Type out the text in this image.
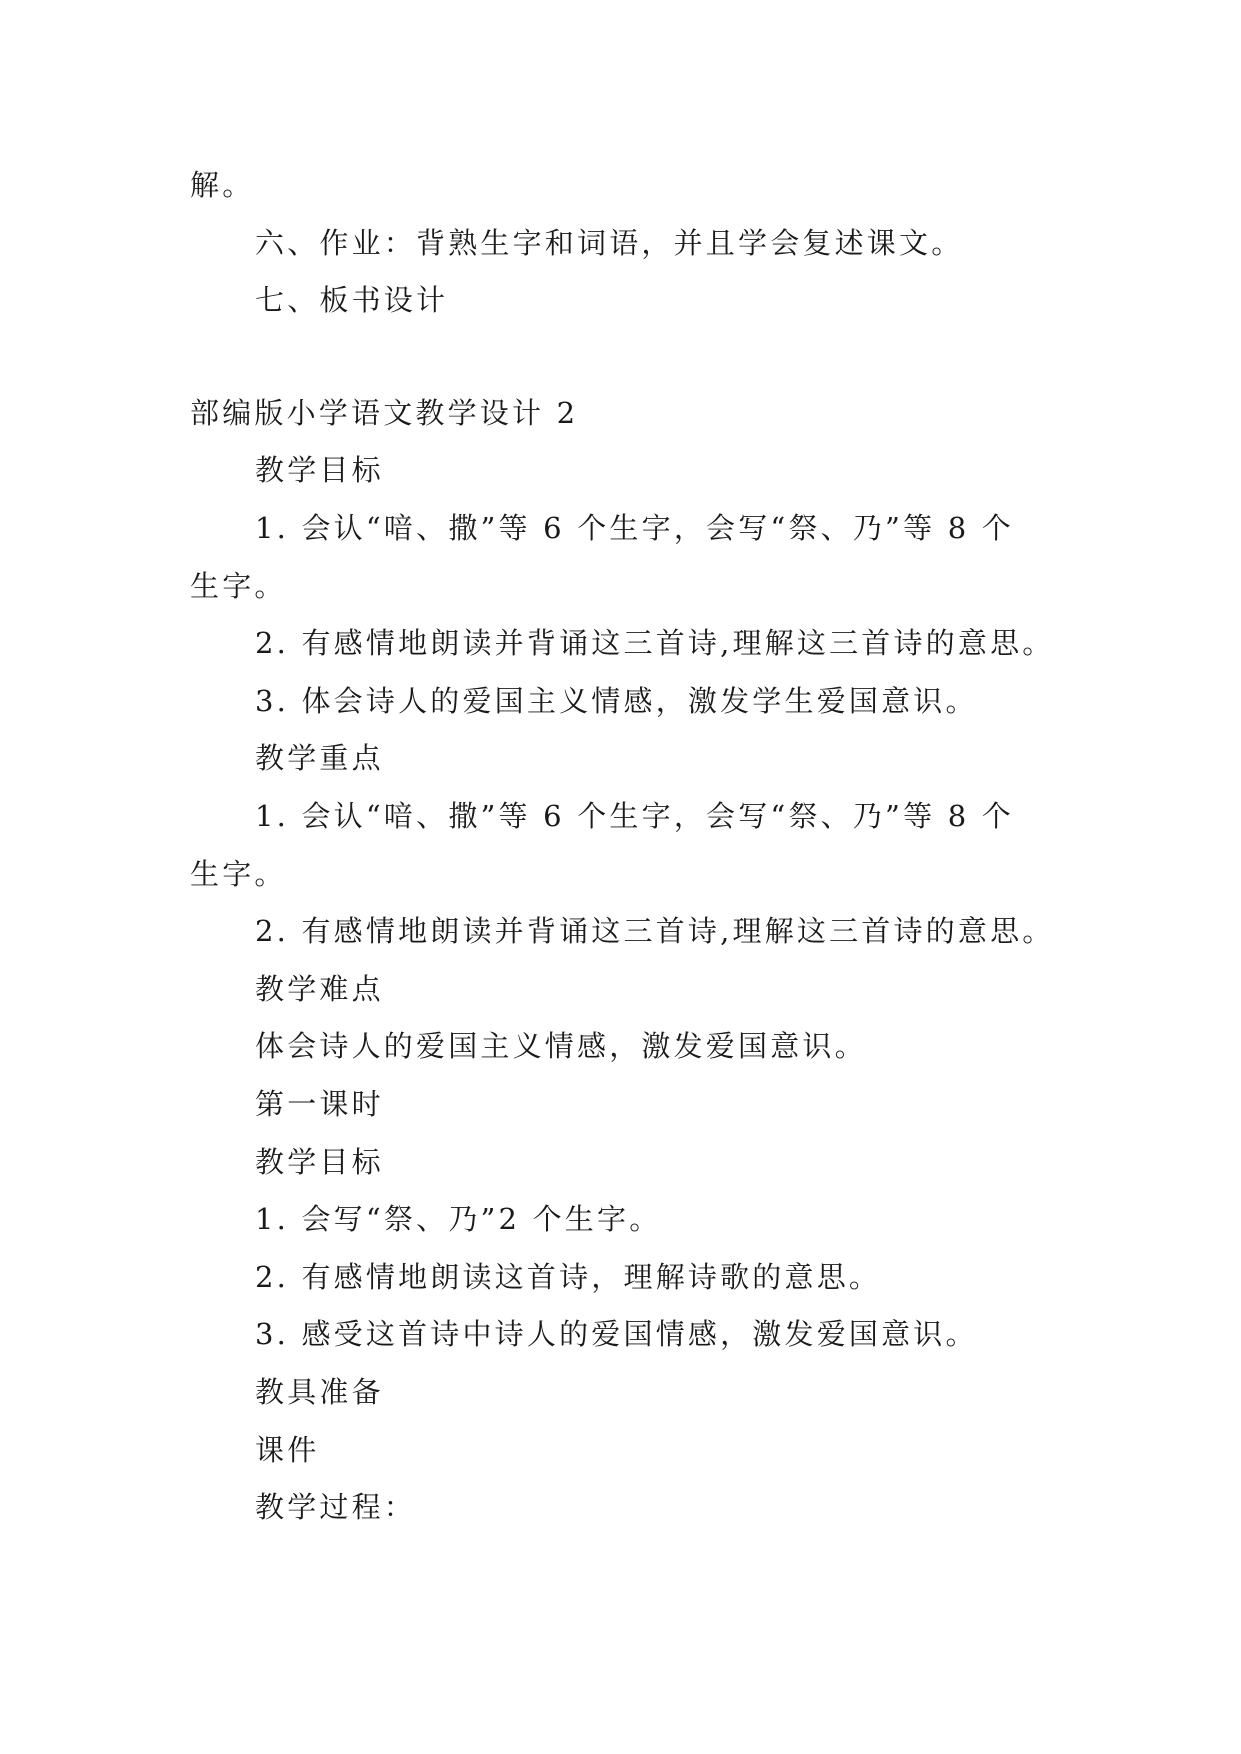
解。
六、作业：背熟生字和词语，并且学会复述课文。
七、板书设计
部编版小学语文教学设计 2
教学目标
1. 会认“喑、撒”等 6 个生字，会写“祭、乃”等 8 个
生字。
2. 有感情地朗读并背诵这三首诗,理解这三首诗的意思。
3. 体会诗人的爱国主义情感，激发学生爱国意识。
教学重点
1. 会认“喑、撒”等 6 个生字，会写“祭、乃”等 8 个
生字。
2. 有感情地朗读并背诵这三首诗,理解这三首诗的意思。
教学难点
体会诗人的爱国主义情感，激发爱国意识。
第一课时
教学目标
1. 会写“祭、乃”2 个生字。
2. 有感情地朗读这首诗，理解诗歌的意思。
3. 感受这首诗中诗人的爱国情感，激发爱国意识。
教具准备
课件
教学过程：
